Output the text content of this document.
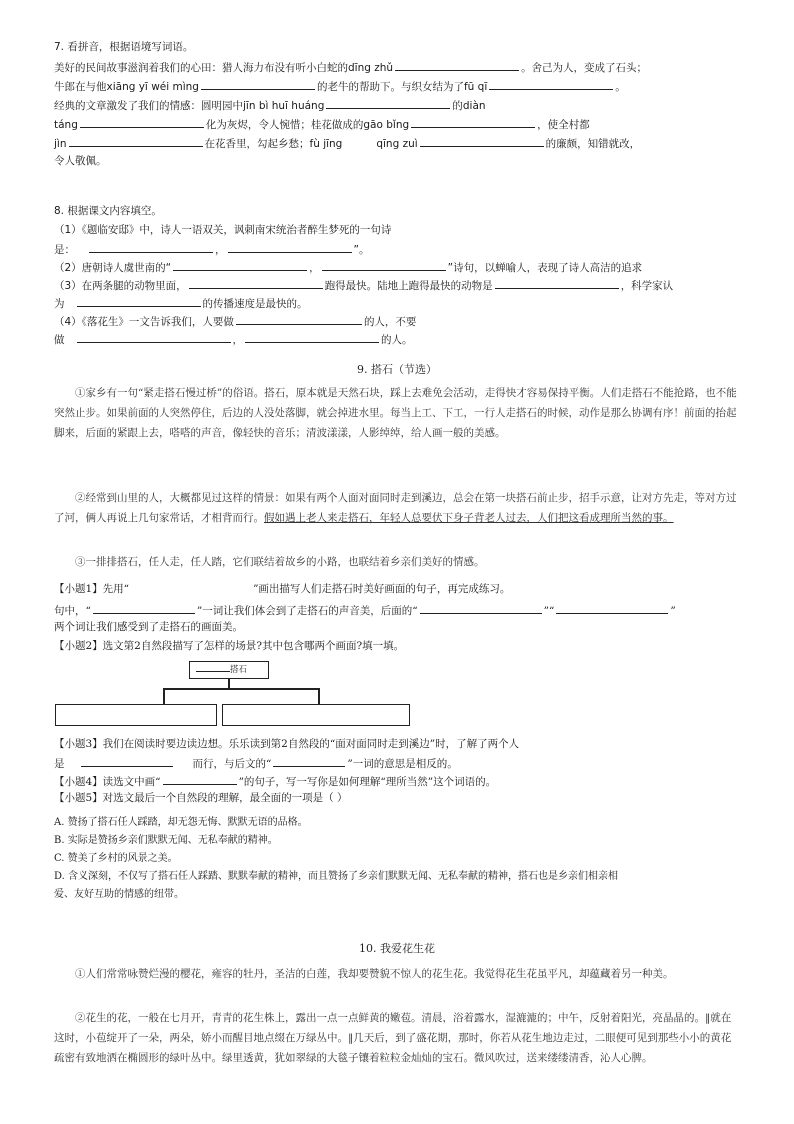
7. 看拼音，根据语境写词语。
美好的民间故事滋润着我们的心田：猎人海力布没有听小白蛇的dīng zhǔ	。舍己为人，变成了石头；
牛郎在与他xiāng yī wéi mìng	的老牛的帮助下。与织女结为了fū qī	。
经典的文章激发了我们的情感：圆明园中jīn bì huī huáng	的diàn
táng	化为灰烬，令人惋惜；桂花做成的gāo bǐng	，使全村都
jìn	在花香里，勾起乡愁；fù jīng	qīng zuì	的廉颇，知错就改，
令人敬佩。
8. 根据课文内容填空。
（1）《题临安邸》中，诗人一语双关，讽刺南宋统治者醉生梦死的一句诗
是：	，	”。
（2）唐朝诗人虞世南的“	，	”诗句，以蝉喻人，表现了诗人高洁的追求
（3）在两条腿的动物里面，	跑得最快。陆地上跑得最快的动物是	，科学家认
为	的传播速度是最快的。
（4）《落花生》一文告诉我们，人要做	的人，不要
做	，	的人。
9. 搭石（节选）
①家乡有一句“紧走搭石慢过桥”的俗语。搭石，原本就是天然石块，踩上去难免会活动，走得快才容易保持平衡。人们走搭石不能抢路，也不能突然止步。如果前面的人突然停住，后边的人没处落脚，就会掉进水里。每当上工、下工，一行人走搭石的时候，动作是那么协调有序！前面的抬起脚来，后面的紧跟上去，嗒嗒的声音，像轻快的音乐；清波漾漾，人影绰绰，给人画一般的美感。
②经常到山里的人，大概都见过这样的情景：如果有两个人面对面同时走到溪边，总会在第一块搭石前止步，招手示意，让对方先走，等对方过了河，俩人再说上几句家常话，才相背而行。假如遇上老人来走搭石，年轻人总要伏下身子背老人过去，人们把这看成理所当然的事。
③一排排搭石，任人走，任人踏，它们联结着故乡的小路，也联结着乡亲们美好的情感。
【小题1】先用“	”画出描写人们走搭石时美好画面的句子，再完成练习。
句中，“	”一词让我们体会到了走搭石的声音美，后面的“	”“	”
两个词让我们感受到了走搭石的画面美。
【小题2】选文第2自然段描写了怎样的场景?其中包含哪两个画面?填一填。
搭石
【小题3】我们在阅读时要边读边想。乐乐读到第2自然段的“面对面同时走到溪边”时，了解了两个人
是	而行，与后文的“	”一词的意思是相反的。
【小题4】读选文中画“	”的句子，写一写你是如何理解“理所当然”这个词语的。
【小题5】对选文最后一个自然段的理解，最全面的一项是（ ）
A. 赞扬了搭石任人踩踏，却无怨无悔、默默无语的品格。
B. 实际是赞扬乡亲们默默无闻、无私奉献的精神。
C. 赞美了乡村的风景之美。
D. 含义深刻，不仅写了搭石任人踩踏、默默奉献的精神，而且赞扬了乡亲们默默无闻、无私奉献的精神，搭石也是乡亲们相亲相
爱、友好互助的情感的纽带。
10. 我爱花生花
①人们常常咏赞烂漫的樱花，雍容的牡丹，圣洁的白莲，我却要赞貌不惊人的花生花。我觉得花生花虽平凡，却蕴藏着另一种美。
②花生的花，一般在七月开，青青的花生株上，露出一点一点鲜黄的嫩苞。清晨，浴着露水，湿漉漉的；中午，反射着阳光，亮晶晶的。‖就在这时，小苞绽开了一朵，两朵，娇小而醒目地点缀在万绿丛中。‖几天后，到了盛花期，那时，你若从花生地边走过，二眼便可见到那些小小的黄花疏密有致地洒在椭圆形的绿叶丛中。绿里透黄，犹如翠绿的大毯子镶着粒粒金灿灿的宝石。微风吹过，送来缕缕清香，沁人心脾。
